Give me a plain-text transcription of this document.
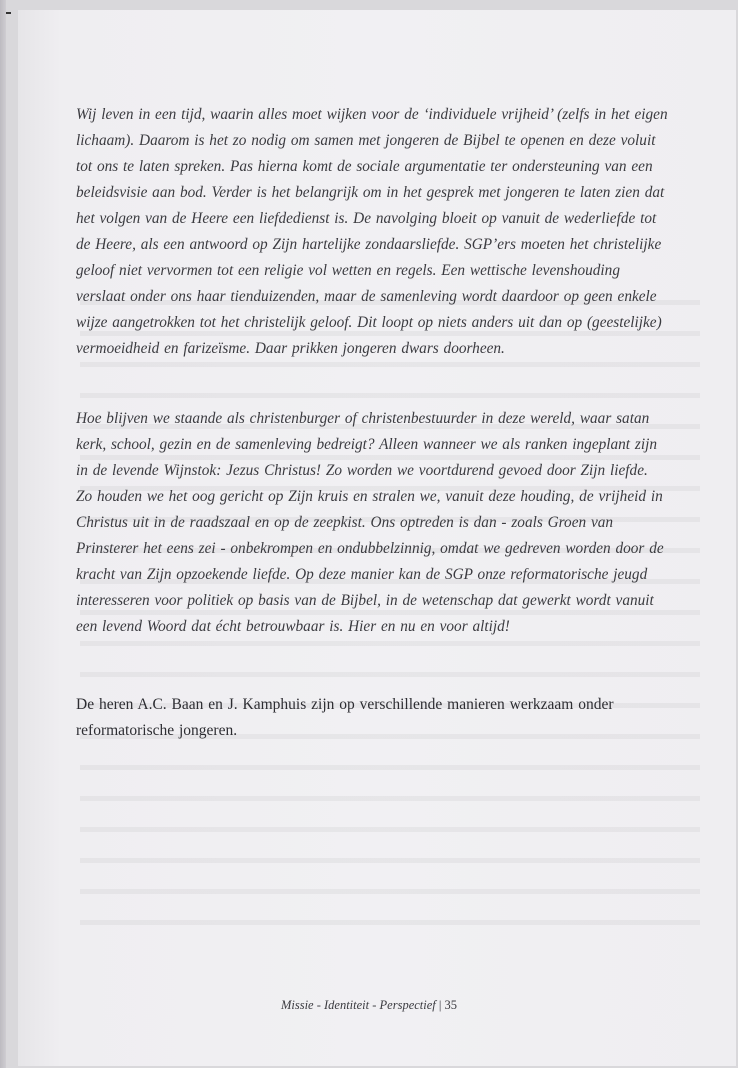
Wij leven in een tijd, waarin alles moet wijken voor de ‘individuele vrijheid’ (zelfs in het eigen lichaam). Daarom is het zo nodig om samen met jongeren de Bijbel te openen en deze voluit tot ons te laten spreken. Pas hierna komt de sociale argumentatie ter ondersteuning van een beleidsvisie aan bod. Verder is het belangrijk om in het gesprek met jongeren te laten zien dat het volgen van de Heere een liefdedienst is. De navolging bloeit op vanuit de wederliefde tot de Heere, als een antwoord op Zijn hartelijke zondaarsliefde. SGP’ers moeten het christelijke geloof niet vervormen tot een religie vol wetten en regels. Een wettische levenshouding verslaat onder ons haar tienduizenden, maar de samenleving wordt daardoor op geen enkele wijze aangetrokken tot het christelijk geloof. Dit loopt op niets anders uit dan op (geestelijke) vermoeidheid en farizeïsme. Daar prikken jongeren dwars doorheen.

Hoe blijven we staande als christenburger of christenbestuurder in deze wereld, waar satan kerk, school, gezin en de samenleving bedreigt? Alleen wanneer we als ranken ingeplant zijn in de levende Wijnstok: Jezus Christus! Zo worden we voortdurend gevoed door Zijn liefde. Zo houden we het oog gericht op Zijn kruis en stralen we, vanuit deze houding, de vrijheid in Christus uit in de raadszaal en op de zeepkist. Ons optreden is dan - zoals Groen van Prinsterer het eens zei - onbekrompen en ondubbelzinnig, omdat we gedreven worden door de kracht van Zijn opzoekende liefde. Op deze manier kan de SGP onze reformatorische jeugd interesseren voor politiek op basis van de Bijbel, in de wetenschap dat gewerkt wordt vanuit een levend Woord dat écht betrouwbaar is. Hier en nu en voor altijd!

De heren A.C. Baan en J. Kamphuis zijn op verschillende manieren werkzaam onder reformatorische jongeren.

Missie - Identiteit - Perspectief | 35
